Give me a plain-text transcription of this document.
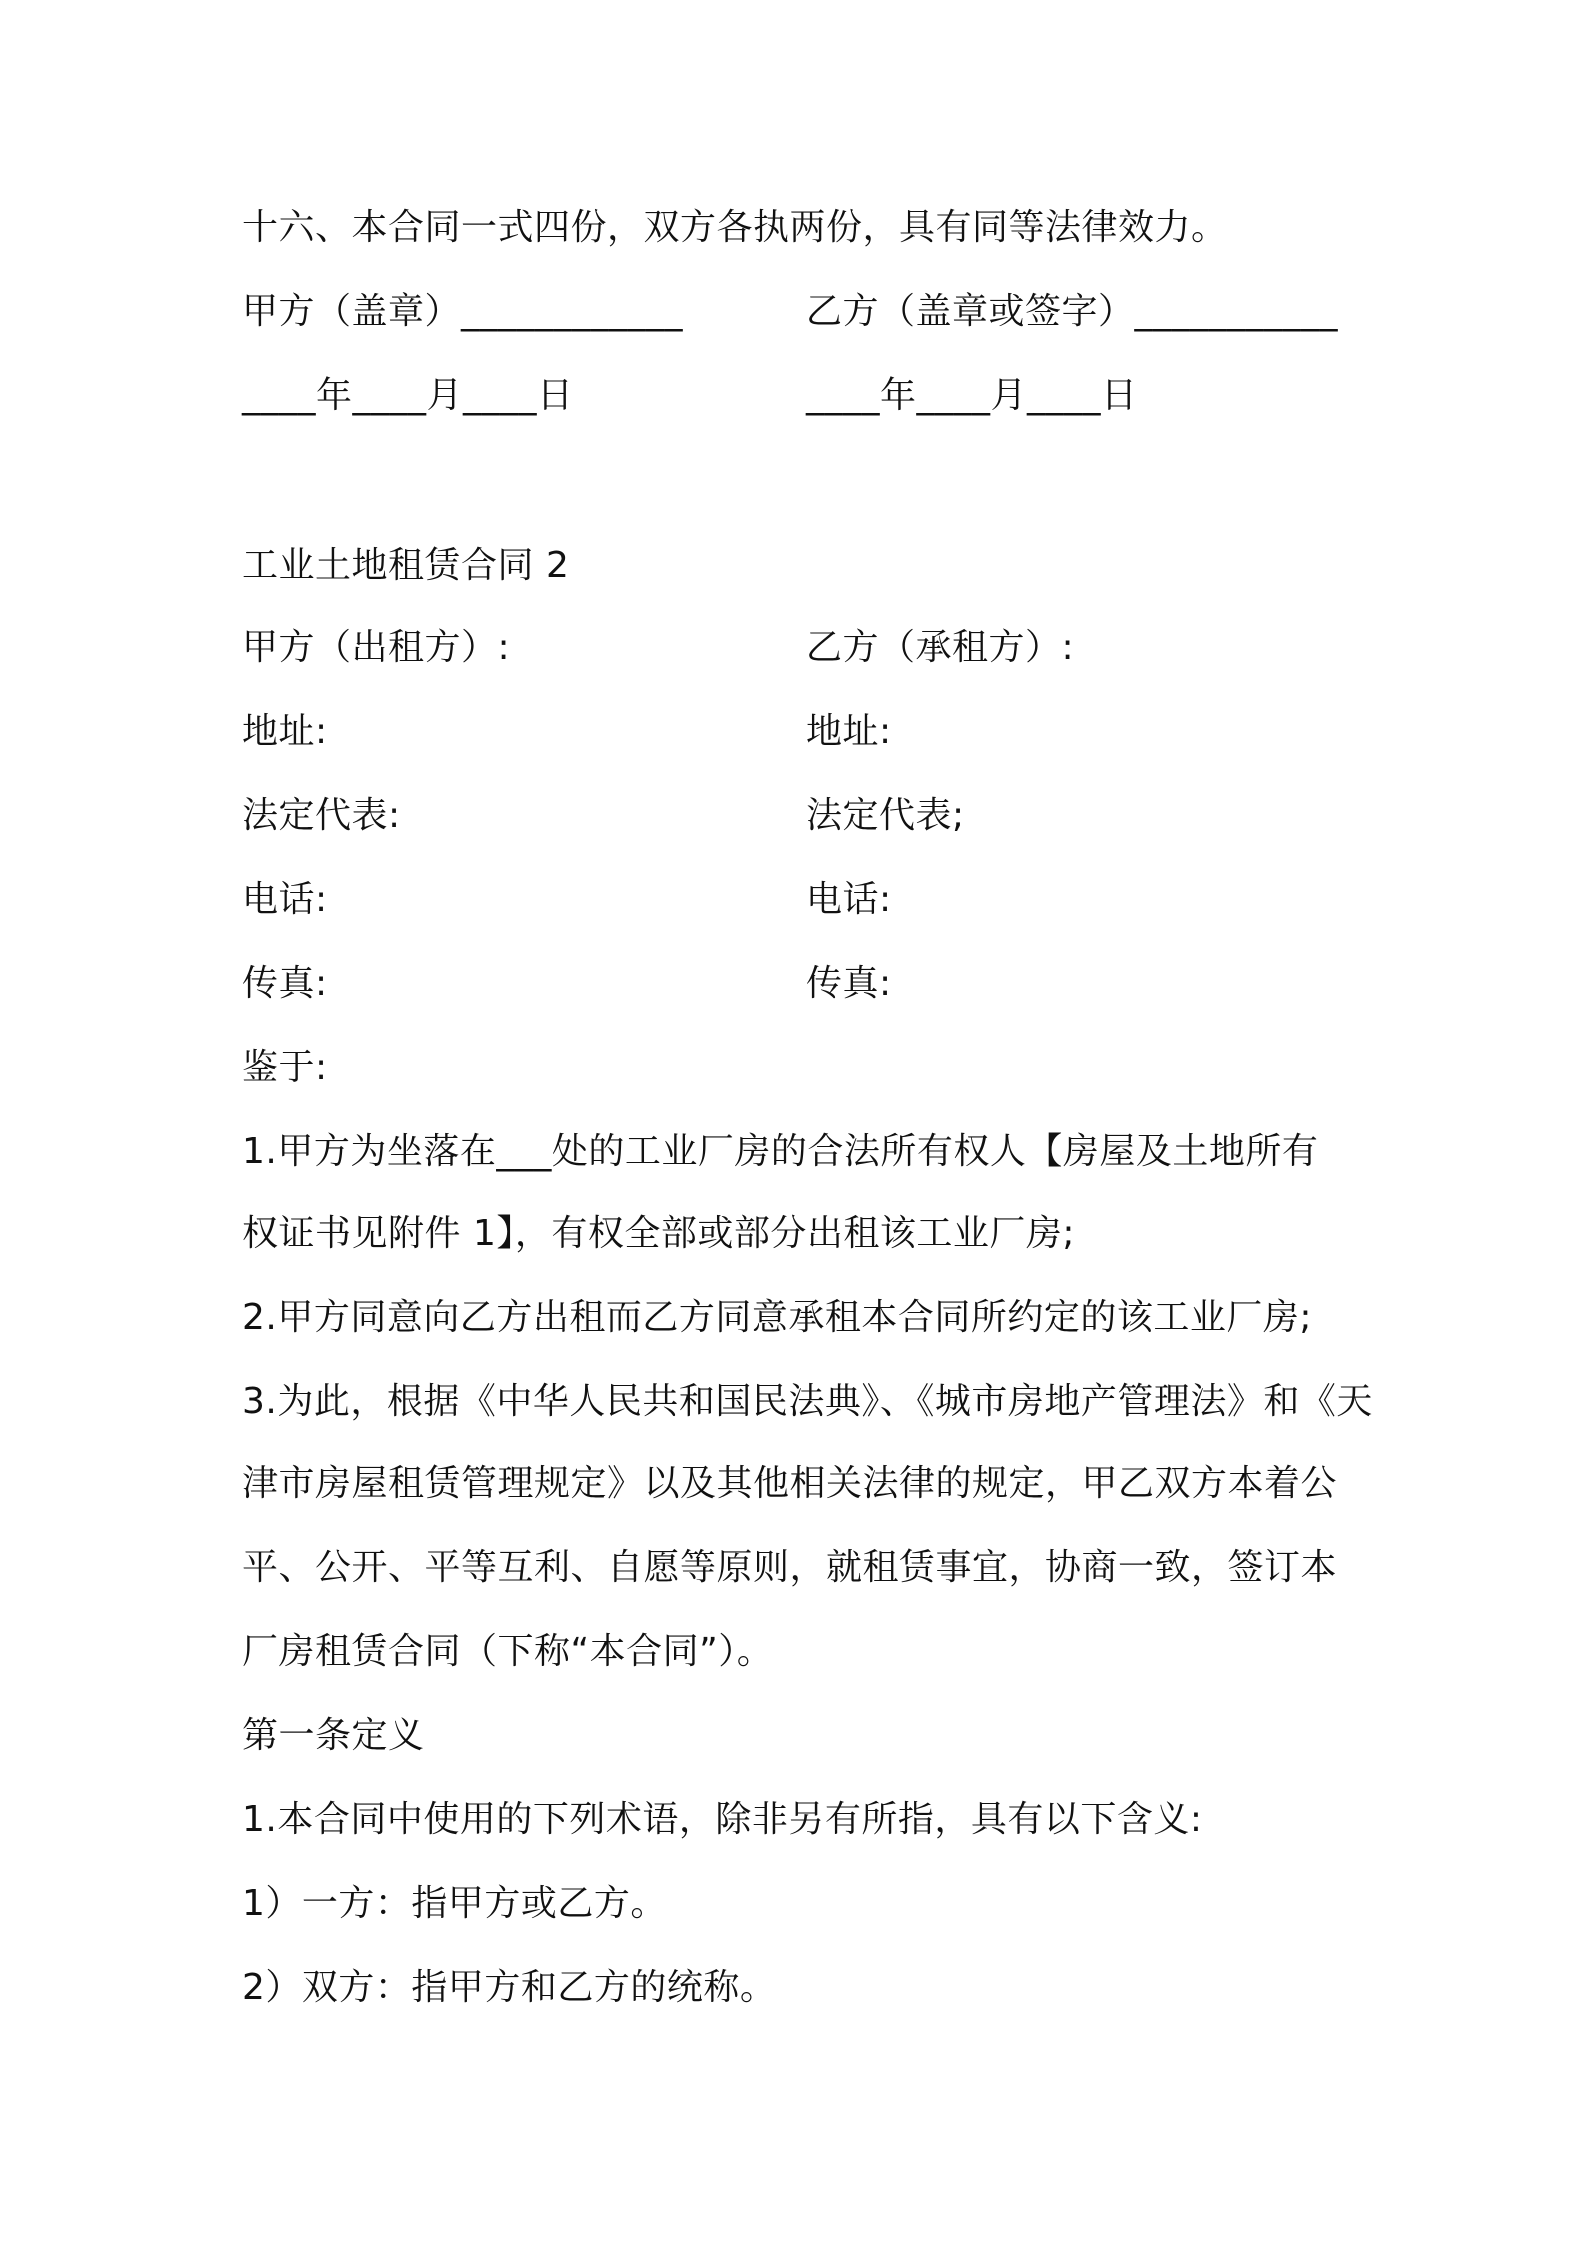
十六、本合同一式四份，双方各执两份，具有同等法律效力。
甲方（盖章）____________	乙方（盖章或签字）___________
____年____月____日	____年____月____日
工业土地租赁合同 2
甲方（出租方）:	乙方（承租方）:
地址:	地址:
法定代表:	法定代表;
电话:	电话:
传真:	传真:
鉴于:
1.甲方为坐落在___处的工业厂房的合法所有权人【房屋及土地所有
权证书见附件 1】，有权全部或部分出租该工业厂房;
2.甲方同意向乙方出租而乙方同意承租本合同所约定的该工业厂房;
3.为此，根据《中华人民共和国民法典》、《城市房地产管理法》和《天
津市房屋租赁管理规定》以及其他相关法律的规定，甲乙双方本着公
平、公开、平等互利、自愿等原则，就租赁事宜，协商一致，签订本
厂房租赁合同（下称“本合同”）。
第一条定义
1.本合同中使用的下列术语，除非另有所指，具有以下含义:
1）一方：指甲方或乙方。
2）双方：指甲方和乙方的统称。
